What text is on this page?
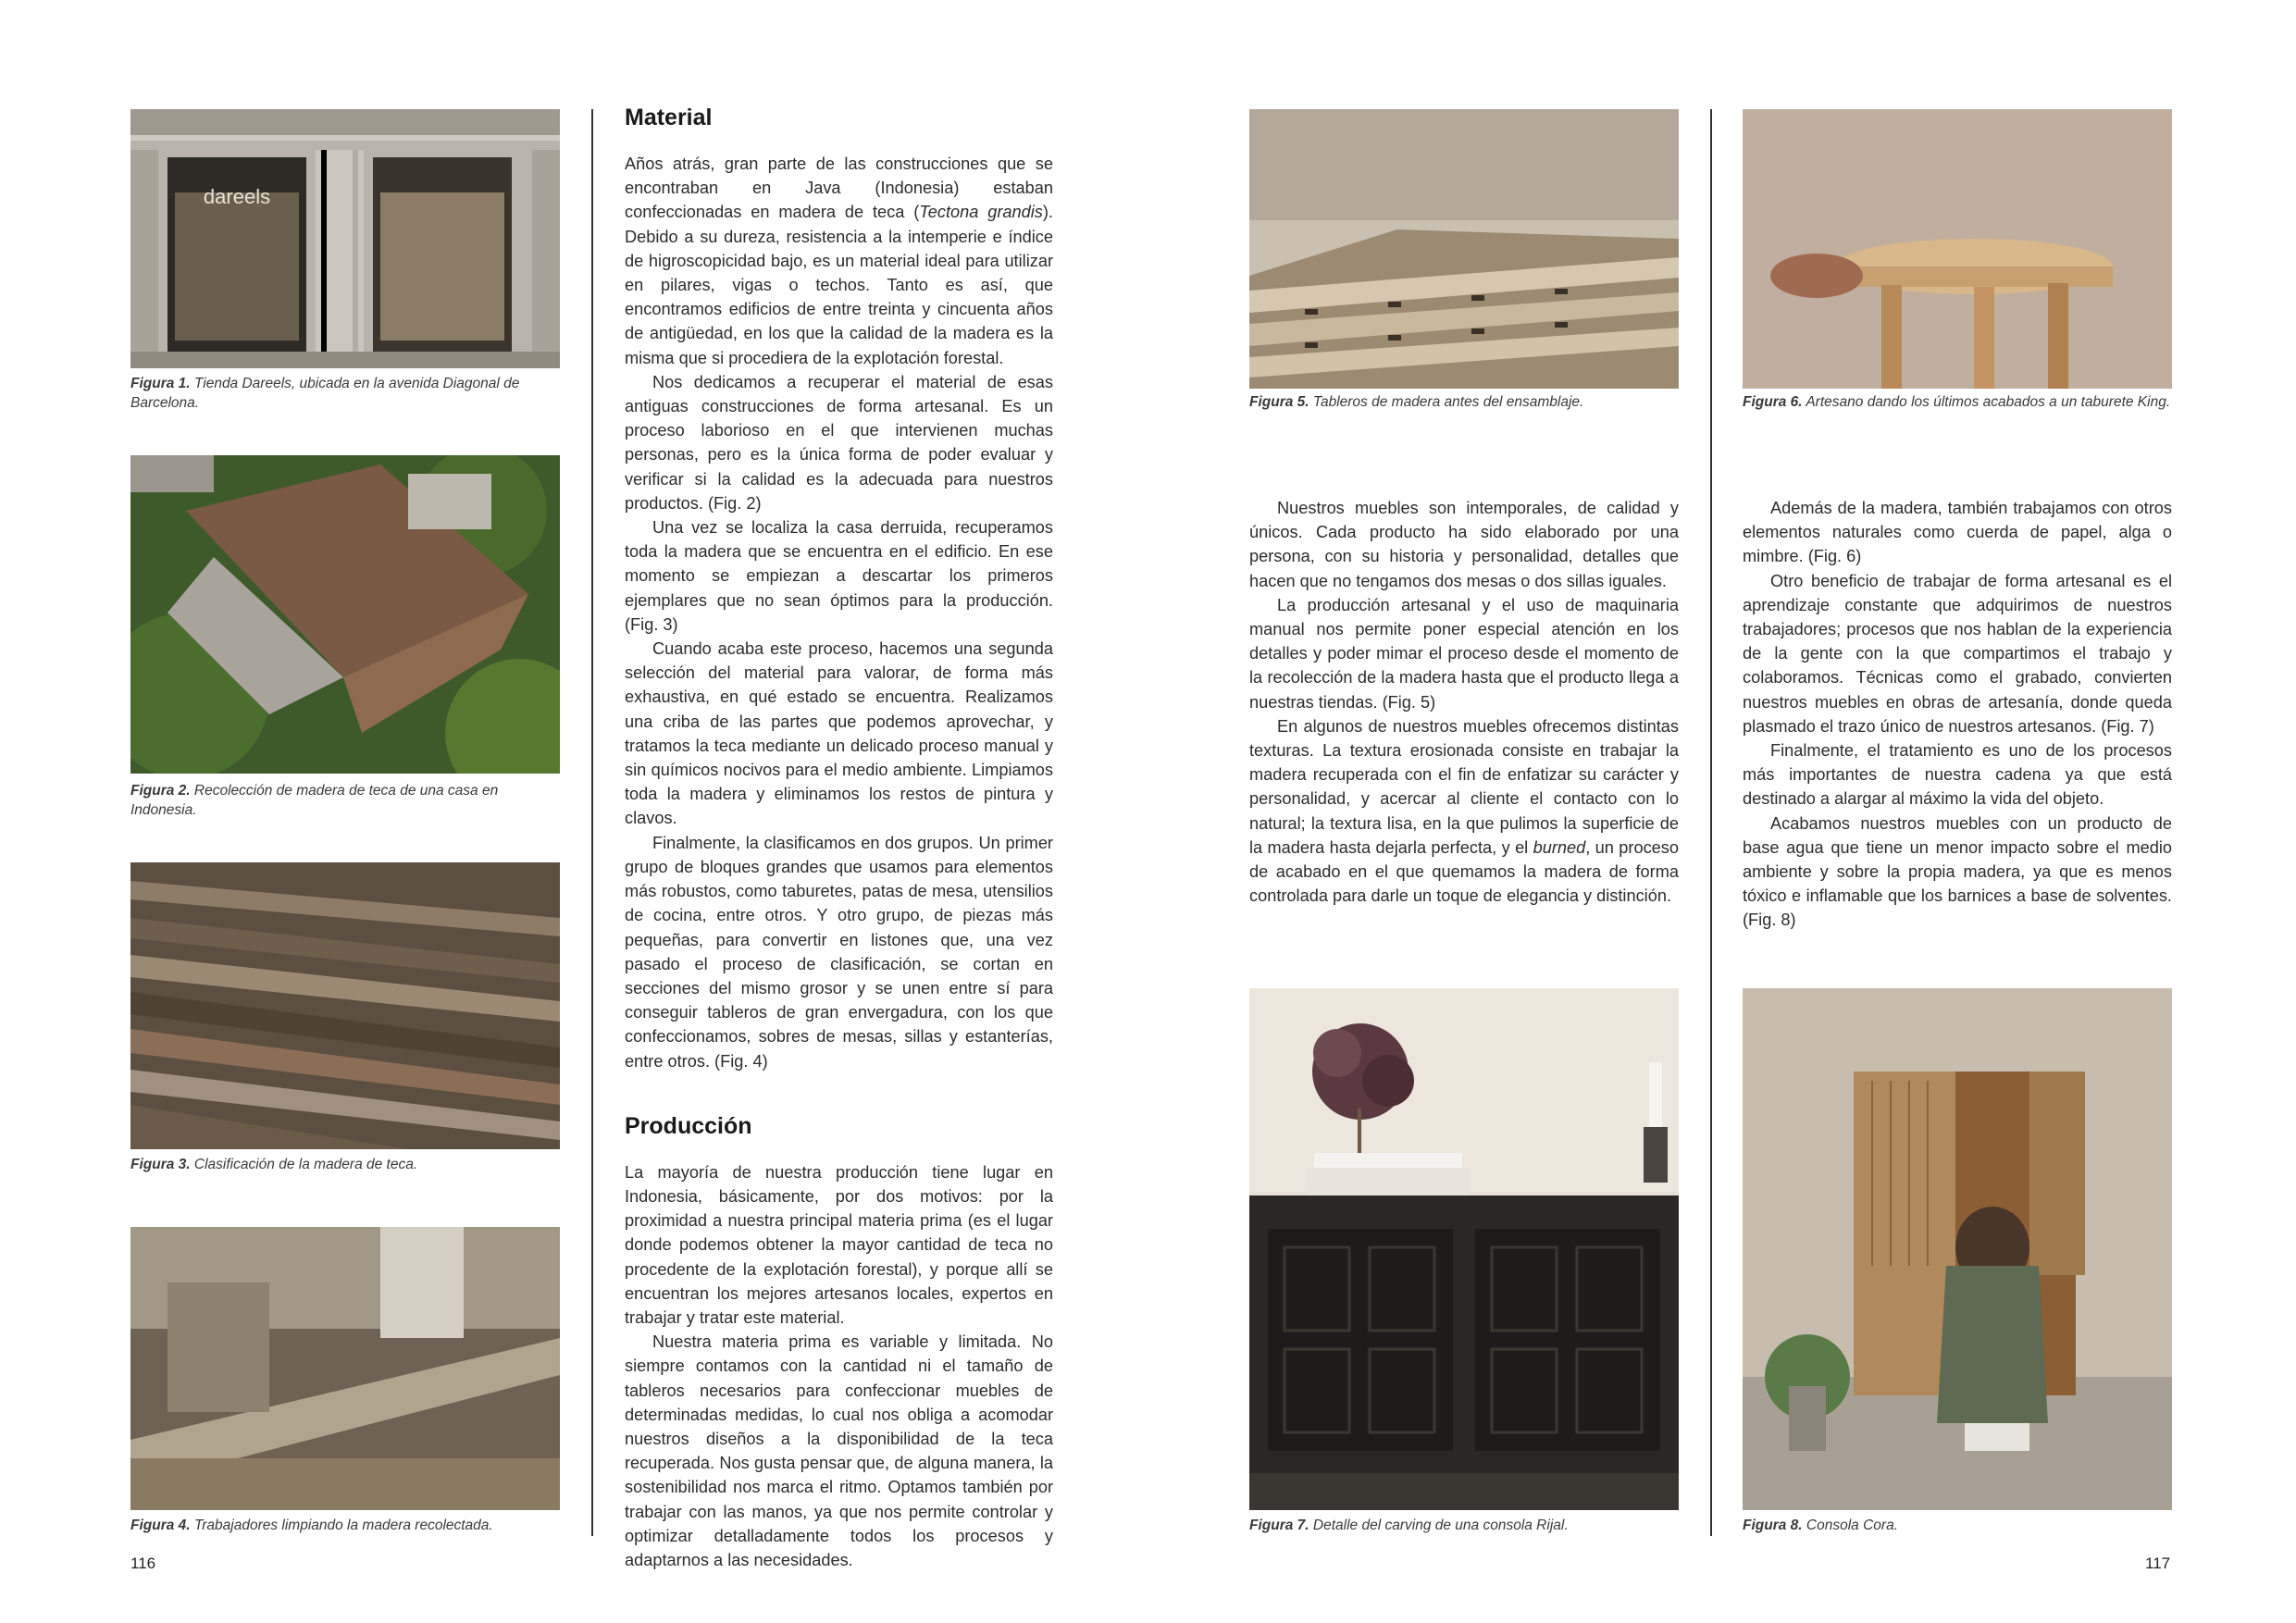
dareels
Figura 1. Tienda Dareels, ubicada en la avenida Diagonal de Barcelona.
Figura 2. Recolección de madera de teca de una casa en Indonesia.
Figura 3. Clasificación de la madera de teca.
Figura 4. Trabajadores limpiando la madera recolectada.
116
Material

Años atrás, gran parte de las construcciones que se encontraban en Java (Indonesia) estaban confeccionadas en madera de teca (Tectona grandis). Debido a su dureza, resistencia a la intemperie e índice de higroscopicidad bajo, es un material ideal para utilizar en pilares, vigas o techos. Tanto es así, que encontramos edificios de entre treinta y cincuenta años de antigüedad, en los que la calidad de la madera es la misma que si procediera de la explotación forestal.

Nos dedicamos a recuperar el material de esas antiguas construcciones de forma artesanal. Es un proceso laborioso en el que intervienen muchas personas, pero es la única forma de poder evaluar y verificar si la calidad es la adecuada para nuestros productos. (Fig. 2)

Una vez se localiza la casa derruida, recuperamos toda la madera que se encuentra en el edificio. En ese momento se empiezan a descartar los primeros ejemplares que no sean óptimos para la producción. (Fig. 3)

Cuando acaba este proceso, hacemos una segunda selección del material para valorar, de forma más exhaustiva, en qué estado se encuentra. Realizamos una criba de las partes que podemos aprovechar, y tratamos la teca mediante un delicado proceso manual y sin químicos nocivos para el medio ambiente. Limpiamos toda la madera y eliminamos los restos de pintura y clavos.

Finalmente, la clasificamos en dos grupos. Un primer grupo de bloques grandes que usamos para elementos más robustos, como taburetes, patas de mesa, utensilios de cocina, entre otros. Y otro grupo, de piezas más pequeñas, para convertir en listones que, una vez pasado el proceso de clasificación, se cortan en secciones del mismo grosor y se unen entre sí para conseguir tableros de gran envergadura, con los que confeccionamos, sobres de mesas, sillas y estanterías, entre otros. (Fig. 4)

Producción

La mayoría de nuestra producción tiene lugar en Indonesia, básicamente, por dos motivos: por la proximidad a nuestra principal materia prima (es el lugar donde podemos obtener la mayor cantidad de teca no procedente de la explotación forestal), y porque allí se encuentran los mejores artesanos locales, expertos en trabajar y tratar este material.

Nuestra materia prima es variable y limitada. No siempre contamos con la cantidad ni el tamaño de tableros necesarios para confeccionar muebles de determinadas medidas, lo cual nos obliga a acomodar nuestros diseños a la disponibilidad de la teca recuperada. Nos gusta pensar que, de alguna manera, la sostenibilidad nos marca el ritmo. Optamos también por trabajar con las manos, ya que nos permite controlar y optimizar detalladamente todos los procesos y adaptarnos a las necesidades.

Figura 5. Tableros de madera antes del ensamblaje.	Figura 6. Artesano dando los últimos acabados a un taburete King.

Nuestros muebles son intemporales, de calidad y únicos. Cada producto ha sido elaborado por una persona, con su historia y personalidad, detalles que hacen que no tengamos dos mesas o dos sillas iguales.

La producción artesanal y el uso de maquinaria manual nos permite poner especial atención en los detalles y poder mimar el proceso desde el momento de la recolección de la madera hasta que el producto llega a nuestras tiendas. (Fig. 5)

En algunos de nuestros muebles ofrecemos distintas texturas. La textura erosionada consiste en trabajar la madera recuperada con el fin de enfatizar su carácter y personalidad, y acercar al cliente el contacto con lo natural; la textura lisa, en la que pulimos la superficie de la madera hasta dejarla perfecta, y el burned, un proceso de acabado en el que quemamos la madera de forma controlada para darle un toque de elegancia y distinción.

Además de la madera, también trabajamos con otros elementos naturales como cuerda de papel, alga o mimbre. (Fig. 6)

Otro beneficio de trabajar de forma artesanal es el aprendizaje constante que adquirimos de nuestros trabajadores; procesos que nos hablan de la experiencia de la gente con la que compartimos el trabajo y colaboramos. Técnicas como el grabado, convierten nuestros muebles en obras de artesanía, donde queda plasmado el trazo único de nuestros artesanos. (Fig. 7)

Finalmente, el tratamiento es uno de los procesos más importantes de nuestra cadena ya que está destinado a alargar al máximo la vida del objeto.

Acabamos nuestros muebles con un producto de base agua que tiene un menor impacto sobre el medio ambiente y sobre la propia madera, ya que es menos tóxico e inflamable que los barnices a base de solventes. (Fig. 8)

Figura 7. Detalle del carving de una consola Rijal.	Figura 8. Consola Cora.
117
